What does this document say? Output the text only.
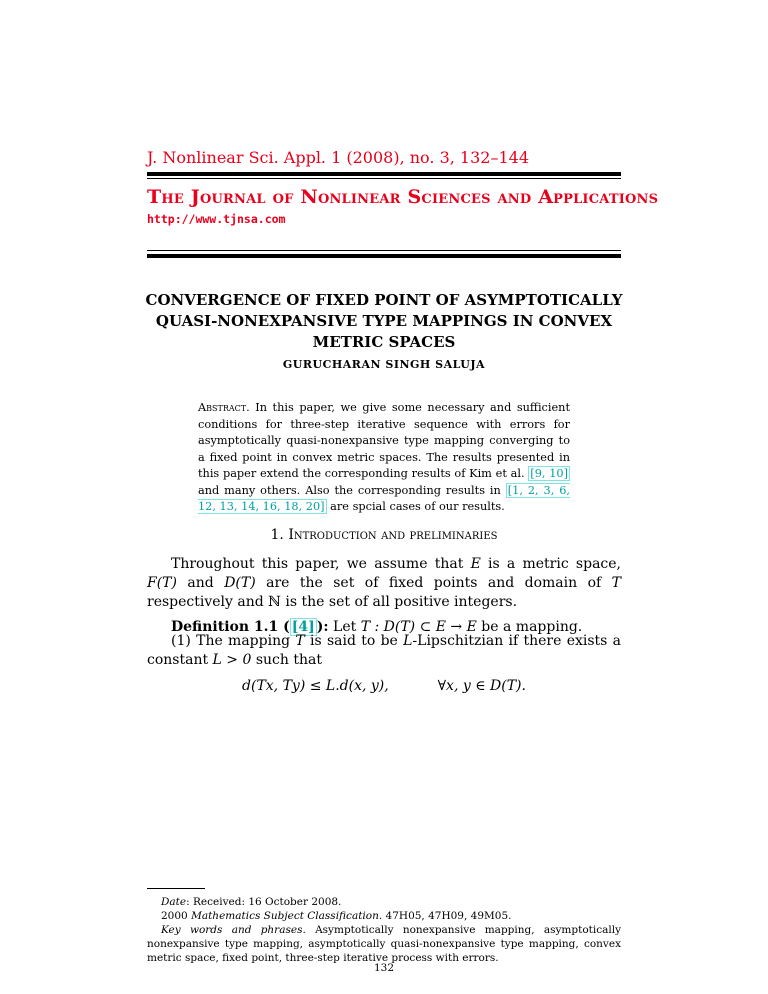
J. Nonlinear Sci. Appl. 1 (2008), no. 3, 132–144
THE JOURNAL OF NONLINEAR SCIENCES AND APPLICATIONS
http://www.tjnsa.com
CONVERGENCE OF FIXED POINT OF ASYMPTOTICALLY
QUASI-NONEXPANSIVE TYPE MAPPINGS IN CONVEX
METRIC SPACES
GURUCHARAN SINGH SALUJA
Abstract. In this paper, we give some necessary and sufficient conditions for three-step iterative sequence with errors for asymptotically quasi-nonexpansive type mapping converging to a fixed point in convex metric spaces. The results presented in this paper extend the corresponding results of Kim et al. [9, 10] and many others. Also the corresponding results in [1, 2, 3, 6, 12, 13, 14, 16, 18, 20] are spcial cases of our results.
1. Introduction and preliminaries
Throughout this paper, we assume that E is a metric space, F(T) and D(T) are the set of fixed points and domain of T respectively and ℕ is the set of all positive integers.
Definition 1.1 ( [4] ): Let T : D(T) ⊂ E → E be a mapping.
(1) The mapping T is said to be L-Lipschitzian if there exists a constant L > 0 such that
d(Tx, Ty) ≤ L.d(x, y),	∀x, y ∈ D(T).
Date: Received: 16 October 2008.
2000 Mathematics Subject Classification. 47H05, 47H09, 49M05.
Key words and phrases. Asymptotically nonexpansive mapping, asymptotically nonexpansive type mapping, asymptotically quasi-nonexpansive type mapping, convex metric space, fixed point, three-step iterative process with errors.
132
